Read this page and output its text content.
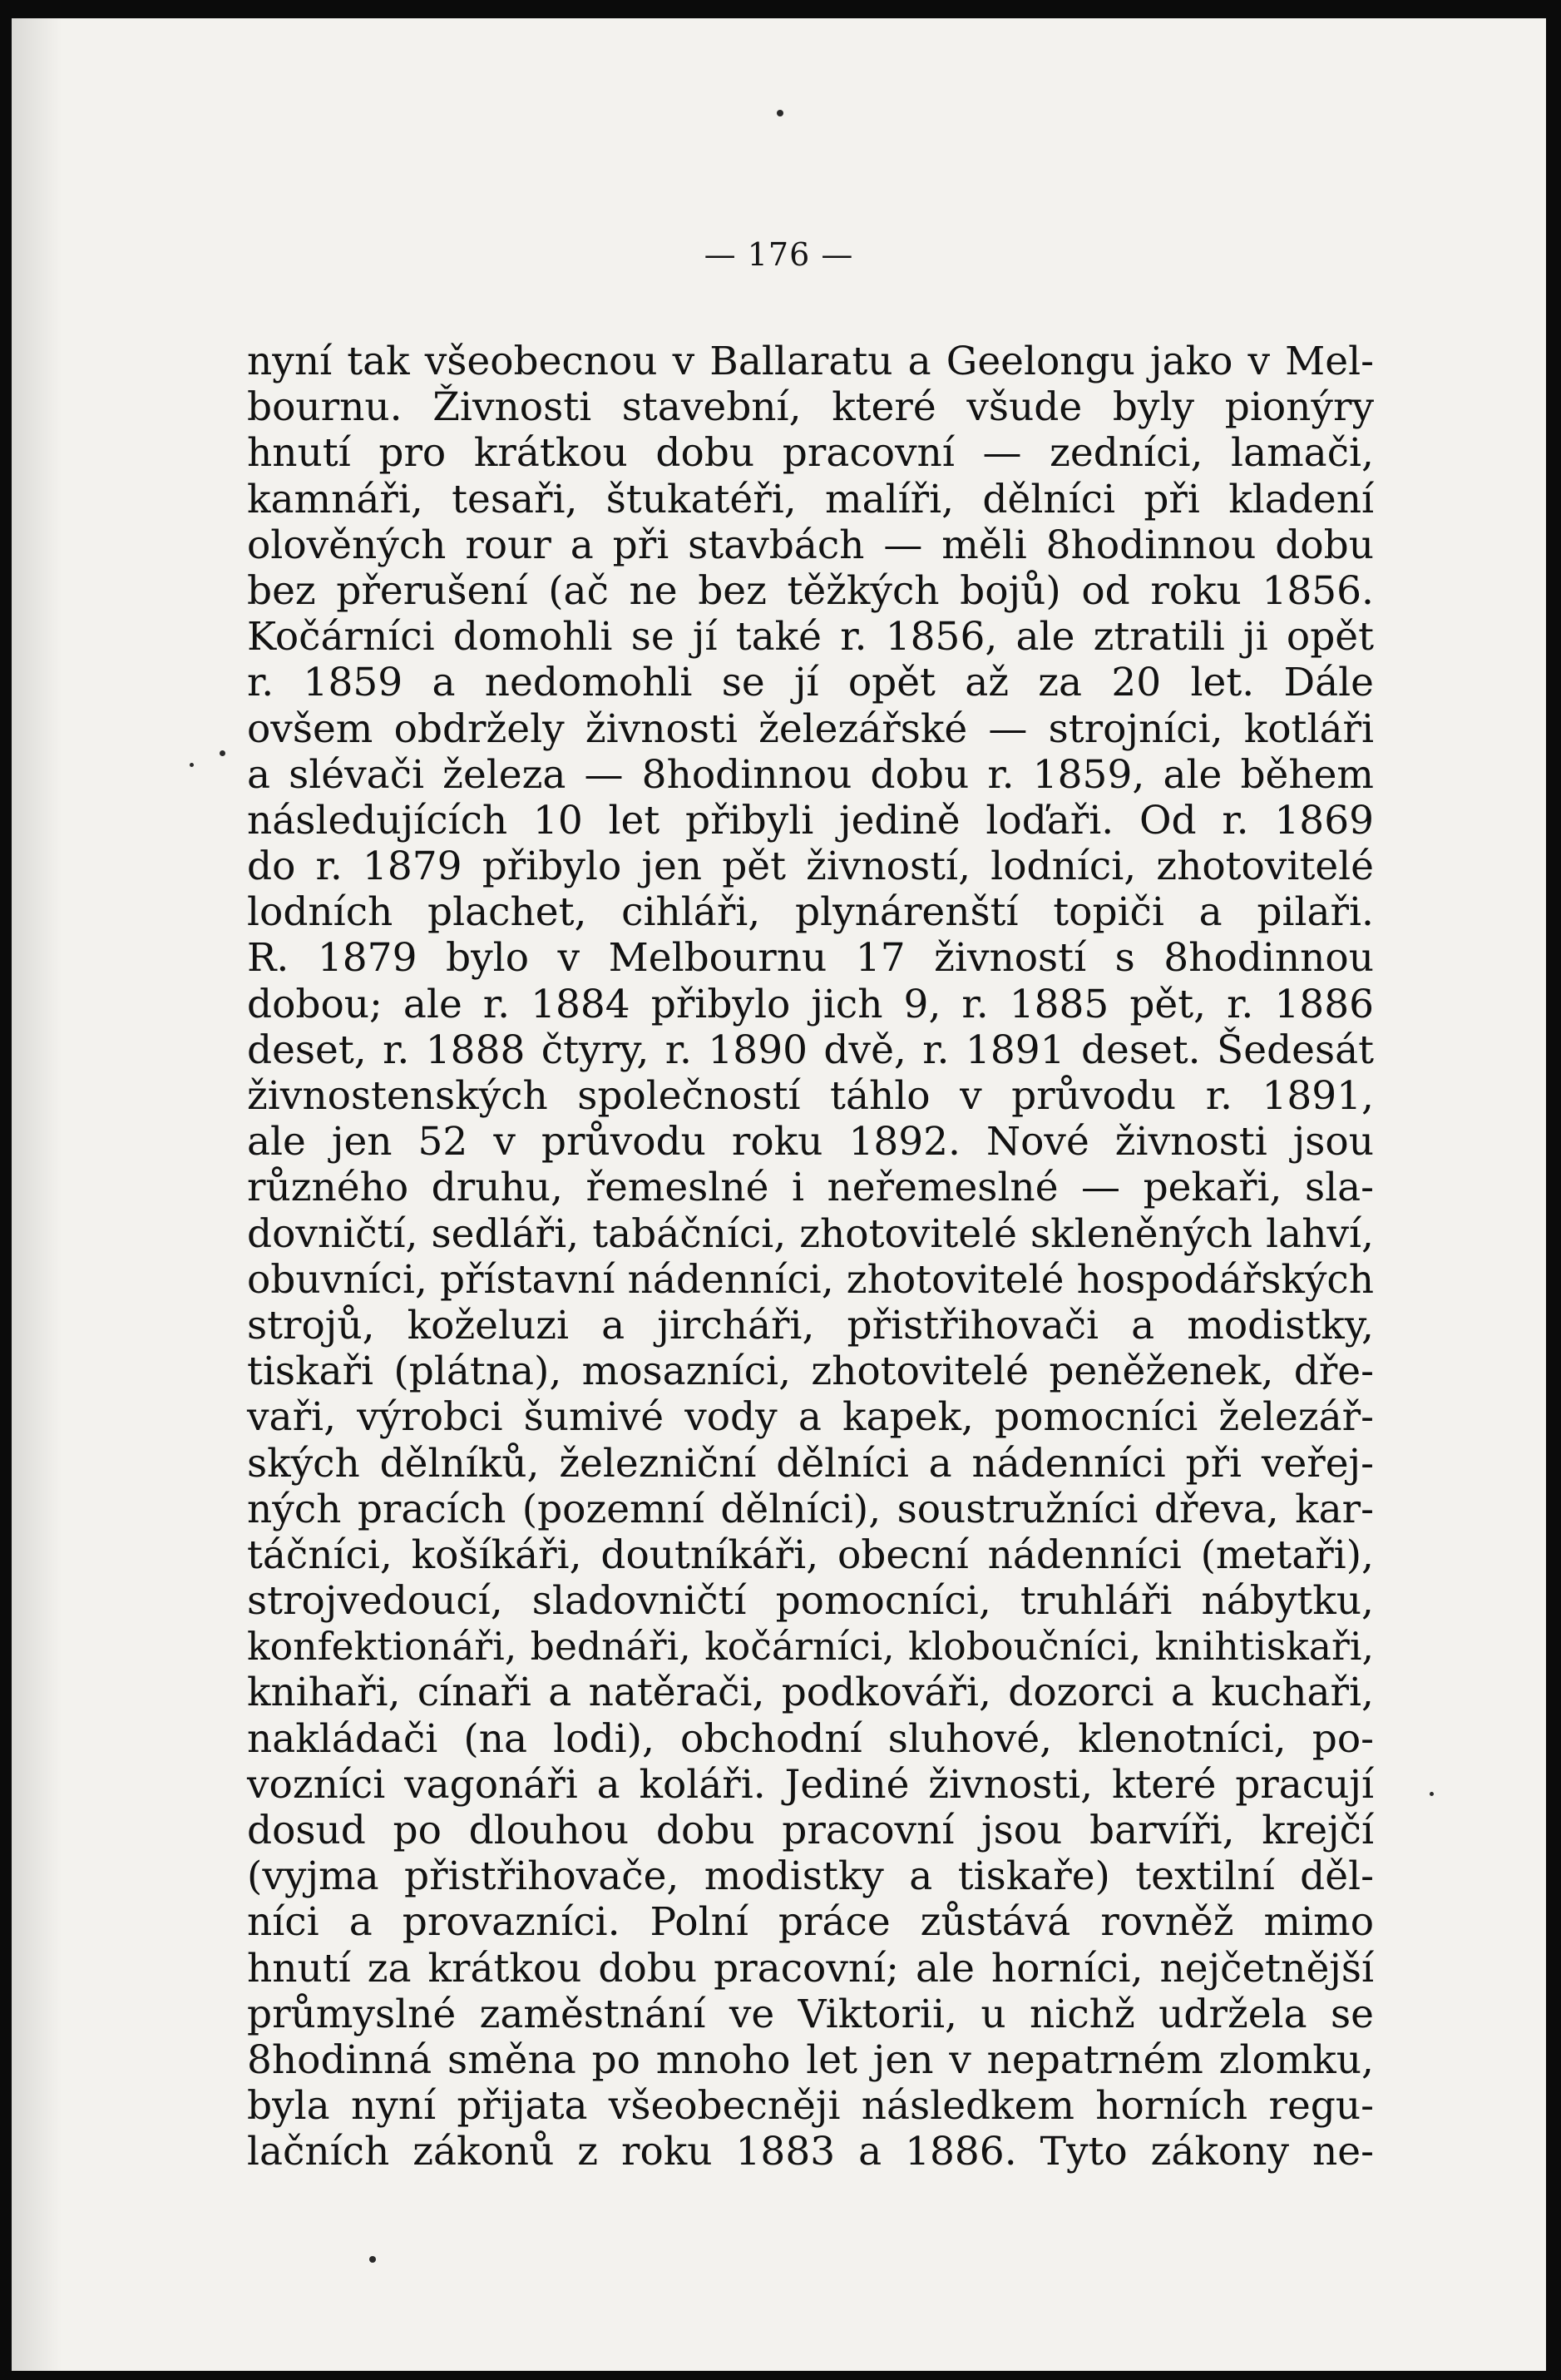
— 176 —
nyní tak všeobecnou v Ballaratu a Geelongu jako v Mel-
bournu. Živnosti stavební, které všude byly pionýry
hnutí pro krátkou dobu pracovní — zedníci, lamači,
kamnáři, tesaři, štukatéři, malíři, dělníci při kladení
olověných rour a při stavbách — měli 8hodinnou dobu
bez přerušení (ač ne bez těžkých bojů) od roku 1856.
Kočárníci domohli se jí také r. 1856, ale ztratili ji opět
r. 1859 a nedomohli se jí opět až za 20 let. Dále
ovšem obdržely živnosti železářské — strojníci, kotláři
a slévači železa — 8hodinnou dobu r. 1859, ale během
následujících 10 let přibyli jedině loďaři. Od r. 1869
do r. 1879 přibylo jen pět živností, lodníci, zhotovitelé
lodních plachet, cihláři, plynárenští topiči a pilaři.
R. 1879 bylo v Melbournu 17 živností s 8hodinnou
dobou; ale r. 1884 přibylo jich 9, r. 1885 pět, r. 1886
deset, r. 1888 čtyry, r. 1890 dvě, r. 1891 deset. Šedesát
živnostenských společností táhlo v průvodu r. 1891,
ale jen 52 v průvodu roku 1892. Nové živnosti jsou
různého druhu, řemeslné i neřemeslné — pekaři, sla-
dovničtí, sedláři, tabáčníci, zhotovitelé skleněných lahví,
obuvníci, přístavní nádenníci, zhotovitelé hospodářských
strojů, koželuzi a jircháři, přistřihovači a modistky,
tiskaři (plátna), mosazníci, zhotovitelé peněženek, dře-
vaři, výrobci šumivé vody a kapek, pomocníci železář-
ských dělníků, železniční dělníci a nádenníci při veřej-
ných pracích (pozemní dělníci), soustružníci dřeva, kar-
táčníci, košíkáři, doutníkáři, obecní nádenníci (metaři),
strojvedoucí, sladovničtí pomocníci, truhláři nábytku,
konfektionáři, bednáři, kočárníci, kloboučníci, knihtiskaři,
knihaři, cínaři a natěrači, podkováři, dozorci a kuchaři,
nakládači (na lodi), obchodní sluhové, klenotníci, po-
vozníci vagonáři a koláři. Jediné živnosti, které pracují
dosud po dlouhou dobu pracovní jsou barvíři, krejčí
(vyjma přistřihovače, modistky a tiskaře) textilní děl-
níci a provazníci. Polní práce zůstává rovněž mimo
hnutí za krátkou dobu pracovní; ale horníci, nejčetnější
průmyslné zaměstnání ve Viktorii, u nichž udržela se
8hodinná směna po mnoho let jen v nepatrném zlomku,
byla nyní přijata všeobecněji následkem horních regu-
lačních zákonů z roku 1883 a 1886. Tyto zákony ne-
